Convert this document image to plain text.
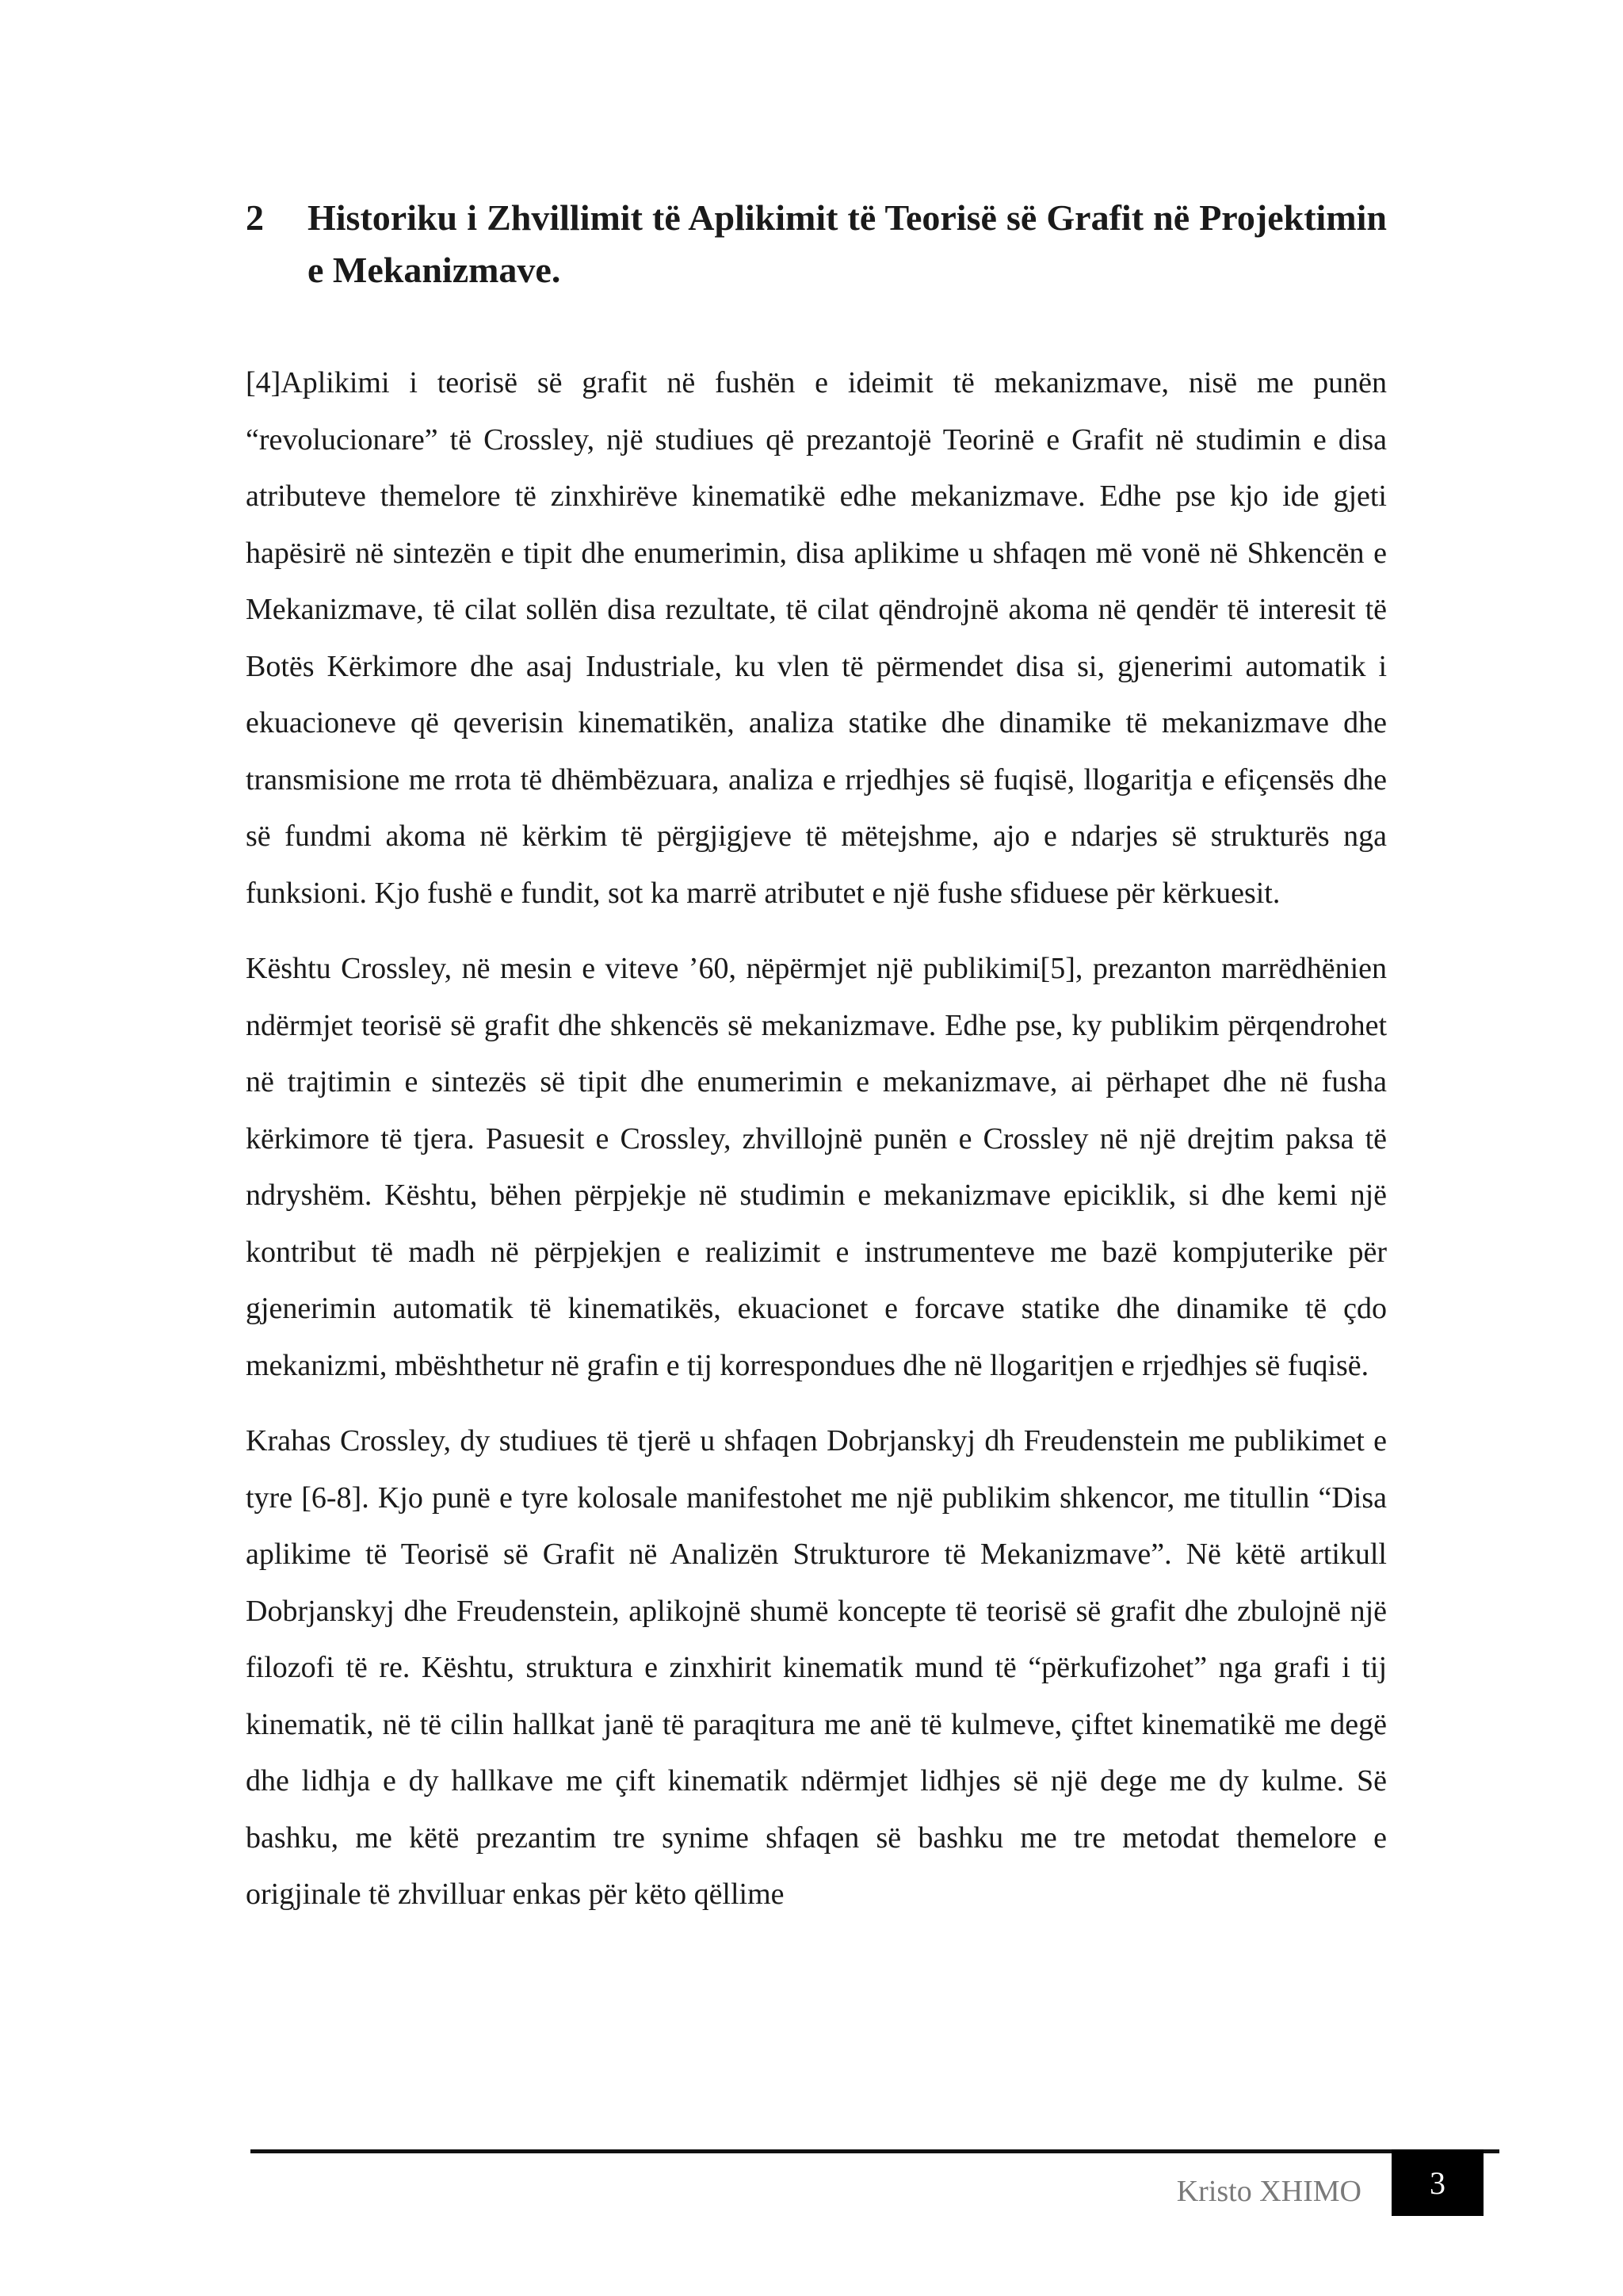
2	Historiku i Zhvillimit të Aplikimit të Teorisë së Grafit në Projektimin e Mekanizmave.

[4]Aplikimi i teorisë së grafit në fushën e ideimit të mekanizmave, nisë me punën “revolucionare” të Crossley, një studiues që prezantojë Teorinë e Grafit në studimin e disa atributeve themelore të zinxhirëve kinematikë edhe mekanizmave. Edhe pse kjo ide gjeti hapësirë në sintezën e tipit dhe enumerimin, disa aplikime u shfaqen më vonë në Shkencën e Mekanizmave, të cilat sollën disa rezultate, të cilat qëndrojnë akoma në qendër të interesit të Botës Kërkimore dhe asaj Industriale, ku vlen të përmendet disa si, gjenerimi automatik i ekuacioneve që qeverisin kinematikën, analiza statike dhe dinamike të mekanizmave dhe transmisione me rrota të dhëmbëzuara, analiza e rrjedhjes së fuqisë, llogaritja e efiçensës dhe së fundmi akoma në kërkim të përgjigjeve të mëtejshme, ajo e ndarjes së strukturës nga funksioni. Kjo fushë e fundit, sot ka marrë atributet e një fushe sfiduese për kërkuesit.

Kështu Crossley, në mesin e viteve ’60, nëpërmjet një publikimi[5], prezanton marrëdhënien ndërmjet teorisë së grafit dhe shkencës së mekanizmave. Edhe pse, ky publikim përqendrohet në trajtimin e sintezës së tipit dhe enumerimin e mekanizmave, ai përhapet dhe në fusha kërkimore të tjera. Pasuesit e Crossley, zhvillojnë punën e Crossley në një drejtim paksa të ndryshëm. Kështu, bëhen përpjekje në studimin e mekanizmave epiciklik, si dhe kemi një kontribut të madh në përpjekjen e realizimit e instrumenteve me bazë kompjuterike për gjenerimin automatik të kinematikës, ekuacionet e forcave statike dhe dinamike të çdo mekanizmi, mbështhetur në grafin e tij korrespondues dhe në llogaritjen e rrjedhjes së fuqisë.

Krahas Crossley, dy studiues të tjerë u shfaqen Dobrjanskyj dh Freudenstein me publikimet e tyre [6-8]. Kjo punë e tyre kolosale manifestohet me një publikim shkencor, me titullin “Disa aplikime të Teorisë së Grafit në Analizën Strukturore të Mekanizmave”. Në këtë artikull Dobrjanskyj dhe Freudenstein, aplikojnë shumë koncepte të teorisë së grafit dhe zbulojnë një filozofi të re. Kështu, struktura e zinxhirit kinematik mund të “përkufizohet” nga grafi i tij kinematik, në të cilin hallkat janë të paraqitura me anë të kulmeve, çiftet kinematikë me degë dhe lidhja e dy hallkave me çift kinematik ndërmjet lidhjes së një dege me dy kulme. Së bashku, me këtë prezantim tre synime shfaqen së bashku me tre metodat themelore e origjinale të zhvilluar enkas për këto qëllime

Kristo XHIMO	3
